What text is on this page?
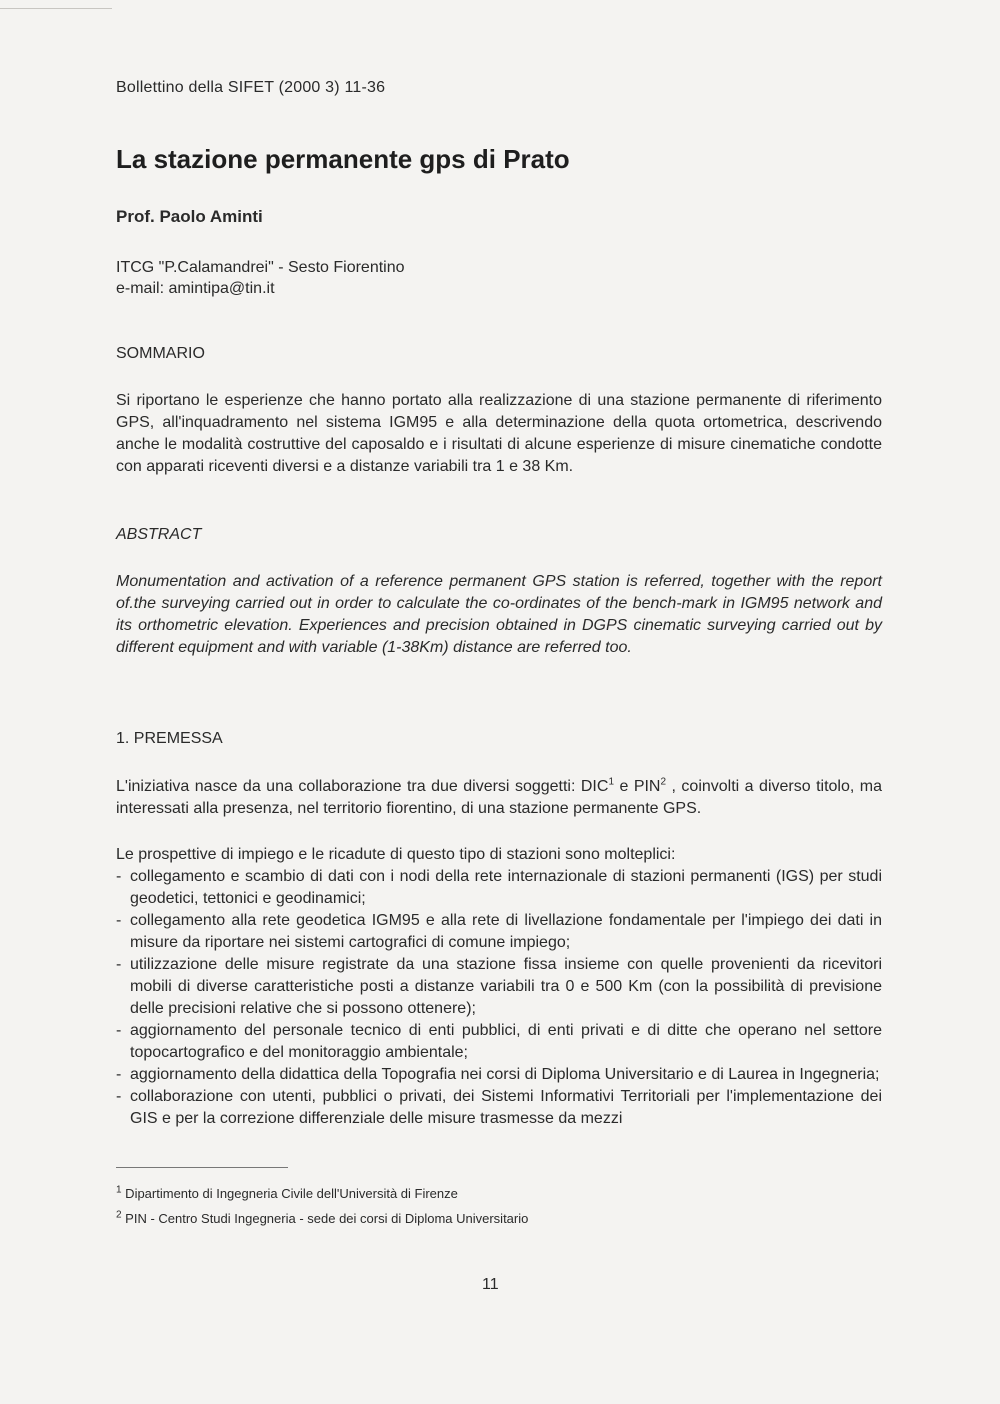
Bollettino della SIFET (2000 3) 11-36
La stazione permanente gps di Prato
Prof. Paolo Aminti
ITCG "P.Calamandrei" - Sesto Fiorentino
e-mail: amintipa@tin.it
SOMMARIO

Si riportano le esperienze che hanno portato alla realizzazione di una stazione permanente di riferimento GPS, all'inquadramento nel sistema IGM95 e alla determinazione della quota ortometrica, descrivendo anche le modalità costruttive del caposaldo e i risultati di alcune esperienze di misure cinematiche condotte con apparati riceventi diversi e a distanze variabili tra 1 e 38 Km.

ABSTRACT

Monumentation and activation of a reference permanent GPS station is referred, together with the report of.the surveying carried out in order to calculate the co-ordinates of the bench-mark in IGM95 network and its orthometric elevation. Experiences and precision obtained in DGPS cinematic surveying carried out by different equipment and with variable (1-38Km) distance are referred too.

1. PREMESSA

L'iniziativa nasce da una collaborazione tra due diversi soggetti: DIC$^1$ e PIN$^2$ , coinvolti a diverso titolo, ma interessati alla presenza, nel territorio fiorentino, di una stazione permanente GPS.

Le prospettive di impiego e le ricadute di questo tipo di stazioni sono molteplici:

- collegamento e scambio di dati con i nodi della rete internazionale di stazioni permanenti (IGS) per studi geodetici, tettonici e geodinamici;
- collegamento alla rete geodetica IGM95 e alla rete di livellazione fondamentale per l'impiego dei dati in misure da riportare nei sistemi cartografici di comune impiego;
- utilizzazione delle misure registrate da una stazione fissa insieme con quelle provenienti da ricevitori mobili di diverse caratteristiche posti a distanze variabili tra 0 e 500 Km (con la possibilità di previsione delle precisioni relative che si possono ottenere);
- aggiornamento del personale tecnico di enti pubblici, di enti privati e di ditte che operano nel settore topocartografico e del monitoraggio ambientale;
- aggiornamento della didattica della Topografia nei corsi di Diploma Universitario e di Laurea in Ingegneria;
- collaborazione con utenti, pubblici o privati, dei Sistemi Informativi Territoriali per l'implementazione dei GIS e per la correzione differenziale delle misure trasmesse da mezzi
$^1$ Dipartimento di Ingegneria Civile dell'Università di Firenze
$^2$ PIN - Centro Studi Ingegneria - sede dei corsi di Diploma Universitario
11
